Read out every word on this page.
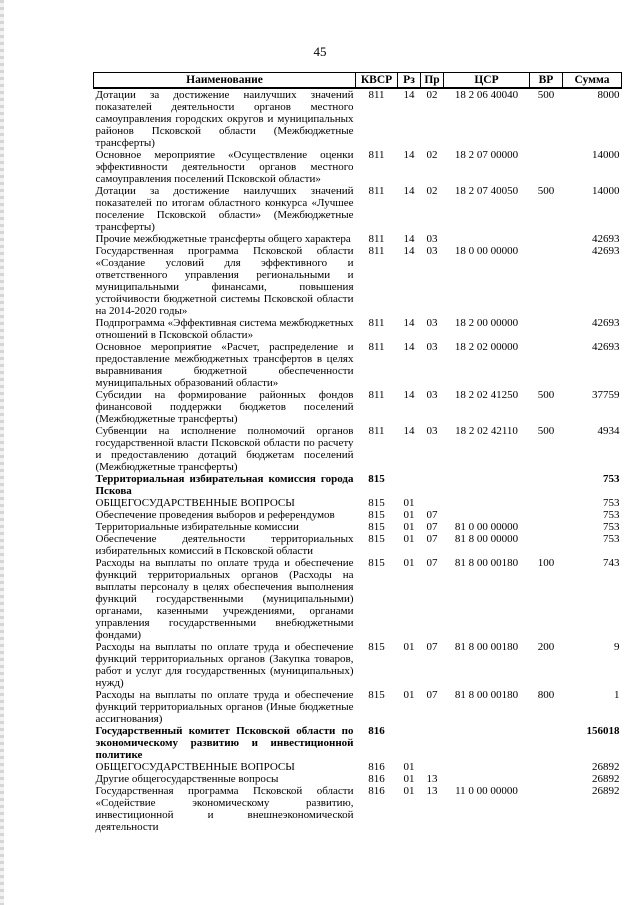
45
Наименование	КВСР	Рз	Пр	ЦСР	ВР	Сумма
Дотации за достижение наилучших значений показателей деятельности органов местного самоуправления городских округов и муниципальных районов Псковской области (Межбюджетные трансферты)	811	14	02	18 2 06 40040	500	8000
Основное мероприятие «Осуществление оценки эффективности деятельности органов местного самоуправления поселений Псковской области»	811	14	02	18 2 07 00000		14000
Дотации за достижение наилучших значений показателей по итогам областного конкурса «Лучшее поселение Псковской области» (Межбюджетные трансферты)	811	14	02	18 2 07 40050	500	14000
Прочие межбюджетные трансферты общего характера	811	14	03			42693
Государственная программа Псковской области «Создание условий для эффективного и ответственного управления региональными и муниципальными финансами, повышения устойчивости бюджетной системы Псковской области на 2014-2020 годы»	811	14	03	18 0 00 00000		42693
Подпрограмма «Эффективная система межбюджетных отношений в Псковской области»	811	14	03	18 2 00 00000		42693
Основное мероприятие «Расчет, распределение и предоставление межбюджетных трансфертов в целях выравнивания бюджетной обеспеченности муниципальных образований области»	811	14	03	18 2 02 00000		42693
Субсидии на формирование районных фондов финансовой поддержки бюджетов поселений (Межбюджетные трансферты)	811	14	03	18 2 02 41250	500	37759
Субвенции на исполнение полномочий органов государственной власти Псковской области по расчету и предоставлению дотаций бюджетам поселений (Межбюджетные трансферты)	811	14	03	18 2 02 42110	500	4934
Территориальная избирательная комиссия города Пскова	815					753
ОБЩЕГОСУДАРСТВЕННЫЕ ВОПРОСЫ	815	01				753
Обеспечение проведения выборов и референдумов	815	01	07			753
Территориальные избирательные комиссии	815	01	07	81 0 00 00000		753
Обеспечение деятельности территориальных избирательных комиссий в Псковской области	815	01	07	81 8 00 00000		753
Расходы на выплаты по оплате труда и обеспечение функций территориальных органов (Расходы на выплаты персоналу в целях обеспечения выполнения функций государственными (муниципальными) органами, казенными учреждениями, органами управления государственными внебюджетными фондами)	815	01	07	81 8 00 00180	100	743
Расходы на выплаты по оплате труда и обеспечение функций территориальных органов (Закупка товаров, работ и услуг для государственных (муниципальных) нужд)	815	01	07	81 8 00 00180	200	9
Расходы на выплаты по оплате труда и обеспечение функций территориальных органов (Иные бюджетные ассигнования)	815	01	07	81 8 00 00180	800	1
Государственный комитет Псковской области по экономическому развитию и инвестиционной политике	816					156018
ОБЩЕГОСУДАРСТВЕННЫЕ ВОПРОСЫ	816	01				26892
Другие общегосударственные вопросы	816	01	13			26892
Государственная программа Псковской области «Содействие экономическому развитию, инвестиционной и внешнеэкономической деятельности	816	01	13	11 0 00 00000		26892
